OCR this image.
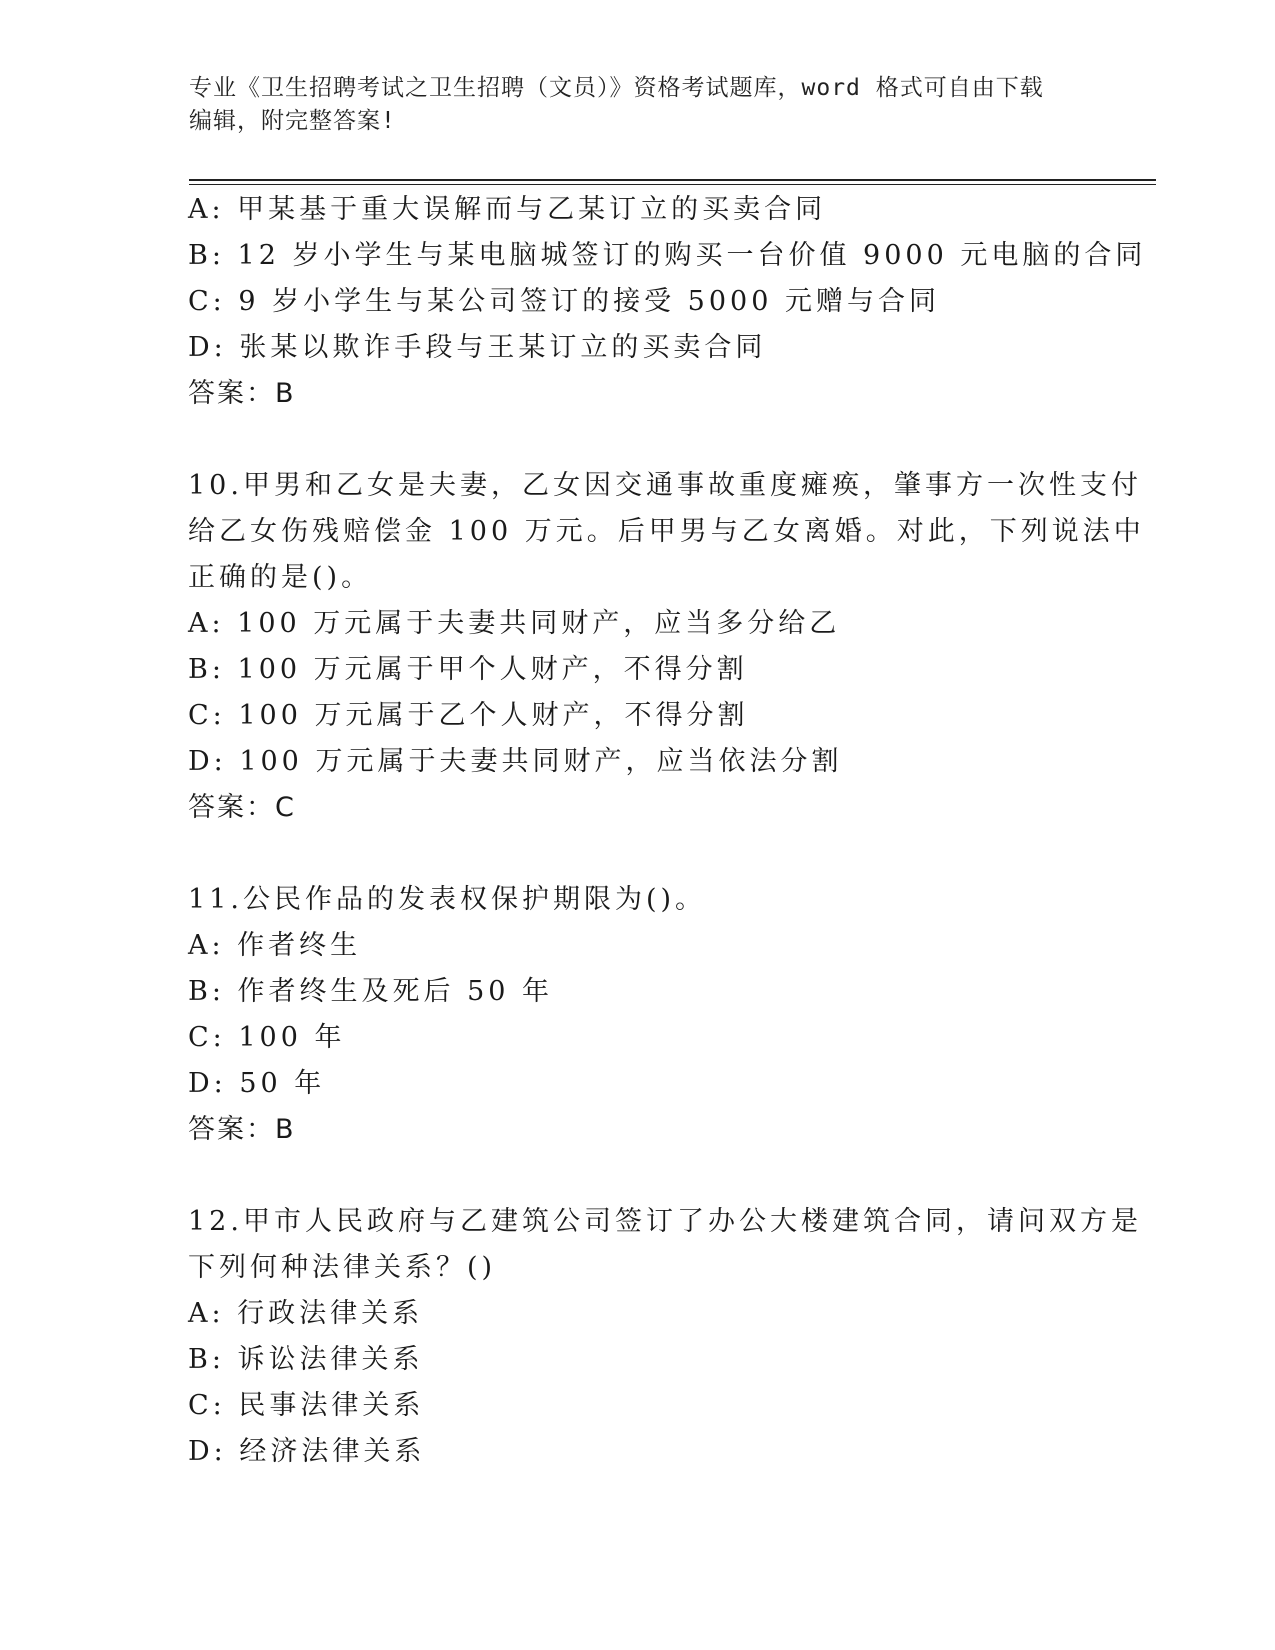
专业《卫生招聘考试之卫生招聘（文员）》资格考试题库，word 格式可自由下载
编辑，附完整答案!
A: 甲某基于重大误解而与乙某订立的买卖合同
B: 12 岁小学生与某电脑城签订的购买一台价值 9000 元电脑的合同
C: 9 岁小学生与某公司签订的接受 5000 元赠与合同
D: 张某以欺诈手段与王某订立的买卖合同
答案：B
10.甲男和乙女是夫妻，乙女因交通事故重度瘫痪，肇事方一次性支付
给乙女伤残赔偿金 100 万元。后甲男与乙女离婚。对此，下列说法中
正确的是()。
A: 100 万元属于夫妻共同财产，应当多分给乙
B: 100 万元属于甲个人财产，不得分割
C: 100 万元属于乙个人财产，不得分割
D: 100 万元属于夫妻共同财产，应当依法分割
答案：C
11.公民作品的发表权保护期限为()。
A: 作者终生
B: 作者终生及死后 50 年
C: 100 年
D: 50 年
答案：B
12.甲市人民政府与乙建筑公司签订了办公大楼建筑合同，请问双方是
下列何种法律关系？()
A: 行政法律关系
B: 诉讼法律关系
C: 民事法律关系
D: 经济法律关系
